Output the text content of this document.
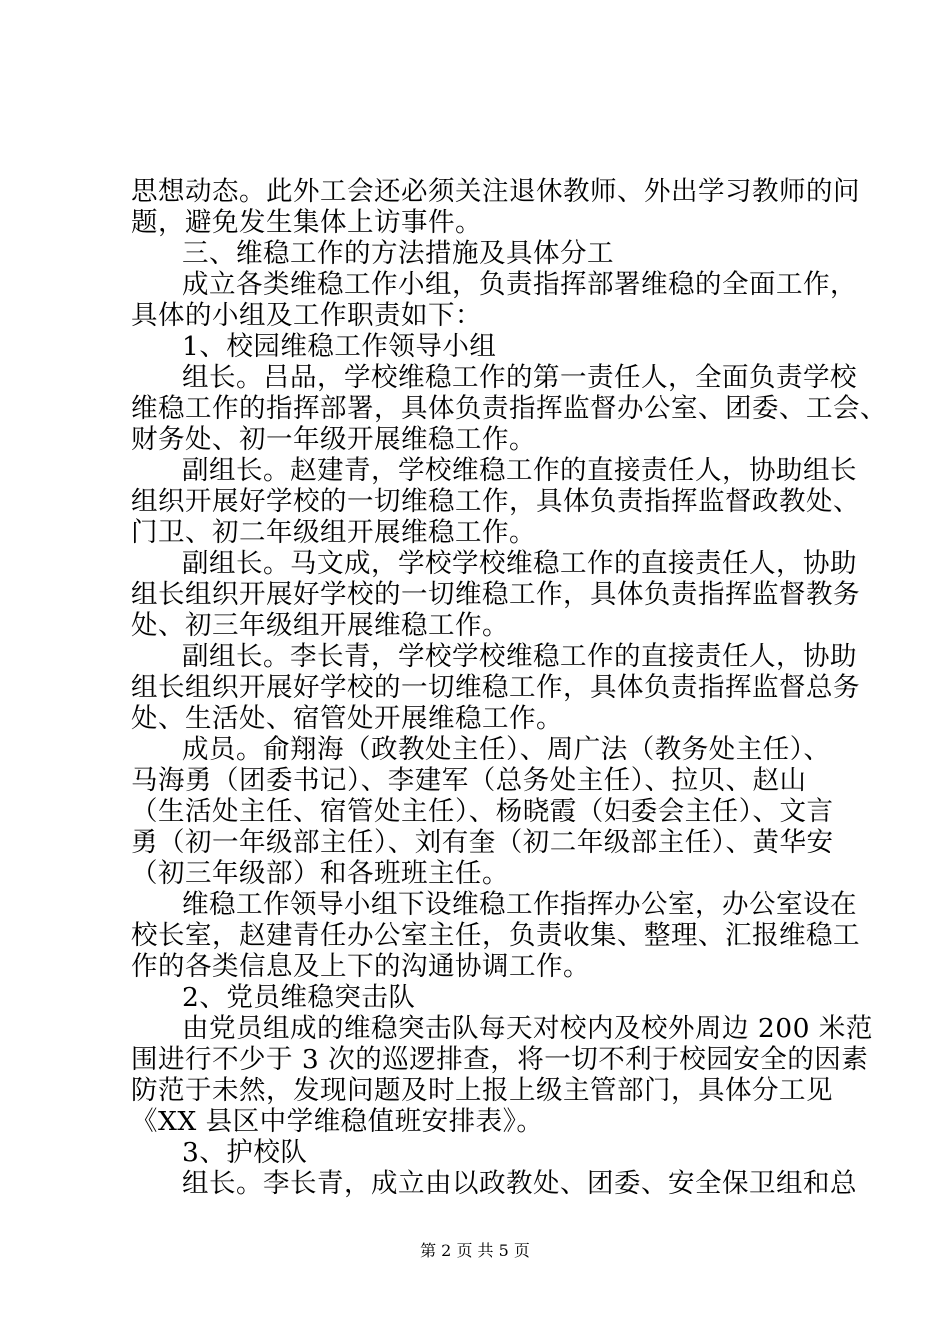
思想动态。此外工会还必须关注退休教师、外出学习教师的问
题，避免发生集体上访事件。
三、维稳工作的方法措施及具体分工
成立各类维稳工作小组，负责指挥部署维稳的全面工作，
具体的小组及工作职责如下：
1、校园维稳工作领导小组
组长。吕品，学校维稳工作的第一责任人，全面负责学校
维稳工作的指挥部署，具体负责指挥监督办公室、团委、工会、
财务处、初一年级开展维稳工作。
副组长。赵建青，学校维稳工作的直接责任人，协助组长
组织开展好学校的一切维稳工作，具体负责指挥监督政教处、
门卫、初二年级组开展维稳工作。
副组长。马文成，学校学校维稳工作的直接责任人，协助
组长组织开展好学校的一切维稳工作，具体负责指挥监督教务
处、初三年级组开展维稳工作。
副组长。李长青，学校学校维稳工作的直接责任人，协助
组长组织开展好学校的一切维稳工作，具体负责指挥监督总务
处、生活处、宿管处开展维稳工作。
成员。俞翔海（政教处主任）、周广法（教务处主任）、
马海勇（团委书记）、李建军（总务处主任）、拉贝、赵山
（生活处主任、宿管处主任）、杨晓霞（妇委会主任）、文言
勇（初一年级部主任）、刘有奎（初二年级部主任）、黄华安
（初三年级部）和各班班主任。
维稳工作领导小组下设维稳工作指挥办公室，办公室设在
校长室，赵建青任办公室主任，负责收集、整理、汇报维稳工
作的各类信息及上下的沟通协调工作。
2、党员维稳突击队
由党员组成的维稳突击队每天对校内及校外周边 200 米范
围进行不少于 3 次的巡逻排查，将一切不利于校园安全的因素
防范于未然，发现问题及时上报上级主管部门，具体分工见
《XX 县区中学维稳值班安排表》。
3、护校队
组长。李长青，成立由以政教处、团委、安全保卫组和总
第 2 页 共 5 页
